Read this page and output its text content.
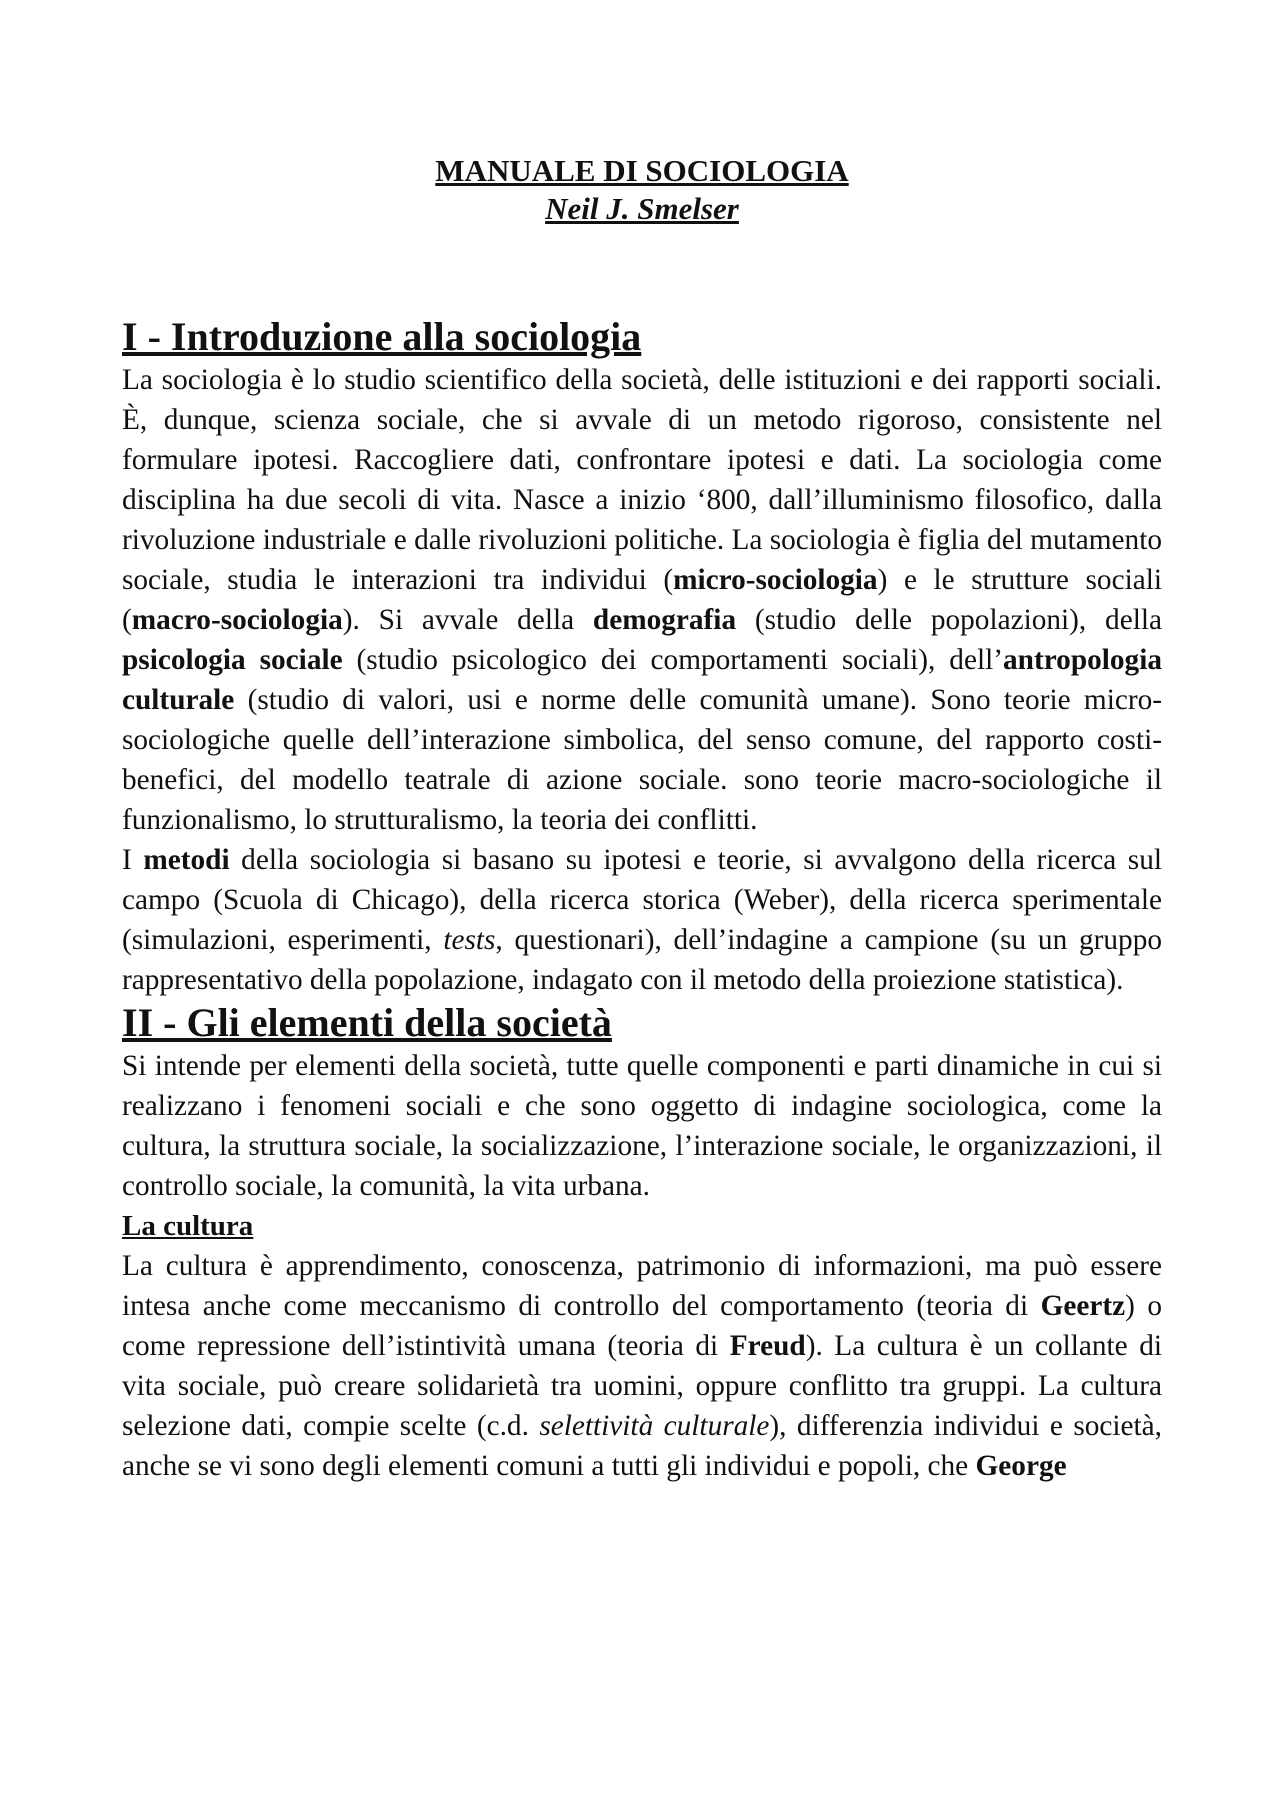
MANUALE DI SOCIOLOGIA

Neil J. Smelser

I - Introduzione alla sociologia

La sociologia è lo studio scientifico della società, delle istituzioni e dei rapporti sociali. È, dunque, scienza sociale, che si avvale di un metodo rigoroso, consistente nel formulare ipotesi. Raccogliere dati, confrontare ipotesi e dati. La sociologia come disciplina ha due secoli di vita. Nasce a inizio ‘800, dall’illuminismo filosofico, dalla rivoluzione industriale e dalle rivoluzioni politiche. La sociologia è figlia del mutamento sociale, studia le interazioni tra individui (micro-sociologia) e le strutture sociali (macro-sociologia). Si avvale della demografia (studio delle popolazioni), della psicologia sociale (studio psicologico dei comportamenti sociali), dell’antropologia culturale (studio di valori, usi e norme delle comunità umane). Sono teorie micro-sociologiche quelle dell’interazione simbolica, del senso comune, del rapporto costi-benefici, del modello teatrale di azione sociale. sono teorie macro-sociologiche il funzionalismo, lo strutturalismo, la teoria dei conflitti.

I metodi della sociologia si basano su ipotesi e teorie, si avvalgono della ricerca sul campo (Scuola di Chicago), della ricerca storica (Weber), della ricerca sperimentale (simulazioni, esperimenti, tests, questionari), dell’indagine a campione (su un gruppo rappresentativo della popolazione, indagato con il metodo della proiezione statistica).

II - Gli elementi della società

Si intende per elementi della società, tutte quelle componenti e parti dinamiche in cui si realizzano i fenomeni sociali e che sono oggetto di indagine sociologica, come la cultura, la struttura sociale, la socializzazione, l’interazione sociale, le organizzazioni, il controllo sociale, la comunità, la vita urbana.

La cultura

La cultura è apprendimento, conoscenza, patrimonio di informazioni, ma può essere intesa anche come meccanismo di controllo del comportamento (teoria di Geertz) o come repressione dell’istintività umana (teoria di Freud). La cultura è un collante di vita sociale, può creare solidarietà tra uomini, oppure conflitto tra gruppi. La cultura selezione dati, compie scelte (c.d. selettività culturale), differenzia individui e società, anche se vi sono degli elementi comuni a tutti gli individui e popoli, che George
